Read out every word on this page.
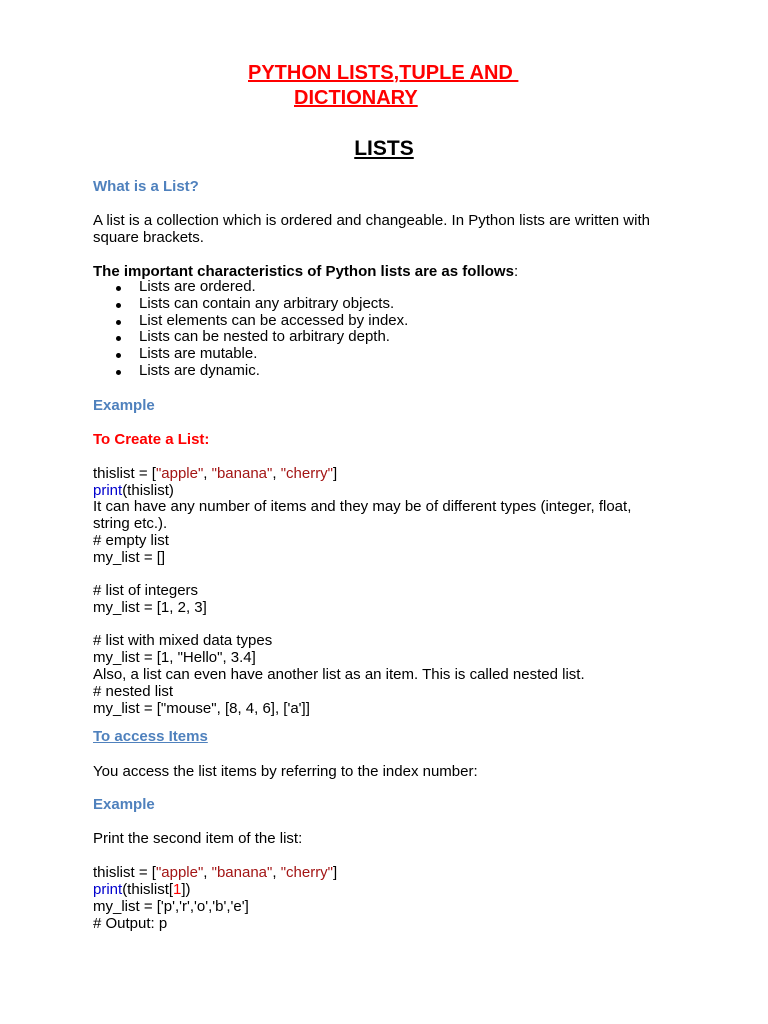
PYTHON LISTS,TUPLE AND
DICTIONARY
LISTS
What is a List?
A list is a collection which is ordered and changeable. In Python lists are written with
square brackets.
The important characteristics of Python lists are as follows:
Lists are ordered.
Lists can contain any arbitrary objects.
List elements can be accessed by index.
Lists can be nested to arbitrary depth.
Lists are mutable.
Lists are dynamic.
Example
To Create a List:
thislist = ["apple", "banana", "cherry"]
print(thislist)
It can have any number of items and they may be of different types (integer, float,
string etc.).
# empty list
my_list = []
# list of integers
my_list = [1, 2, 3]
# list with mixed data types
my_list = [1, "Hello", 3.4]
Also, a list can even have another list as an item. This is called nested list.
# nested list
my_list = ["mouse", [8, 4, 6], ['a']]
To access Items
You access the list items by referring to the index number:
Example
Print the second item of the list:
thislist = ["apple", "banana", "cherry"]
print(thislist[1])
my_list = ['p','r','o','b','e']
# Output: p
